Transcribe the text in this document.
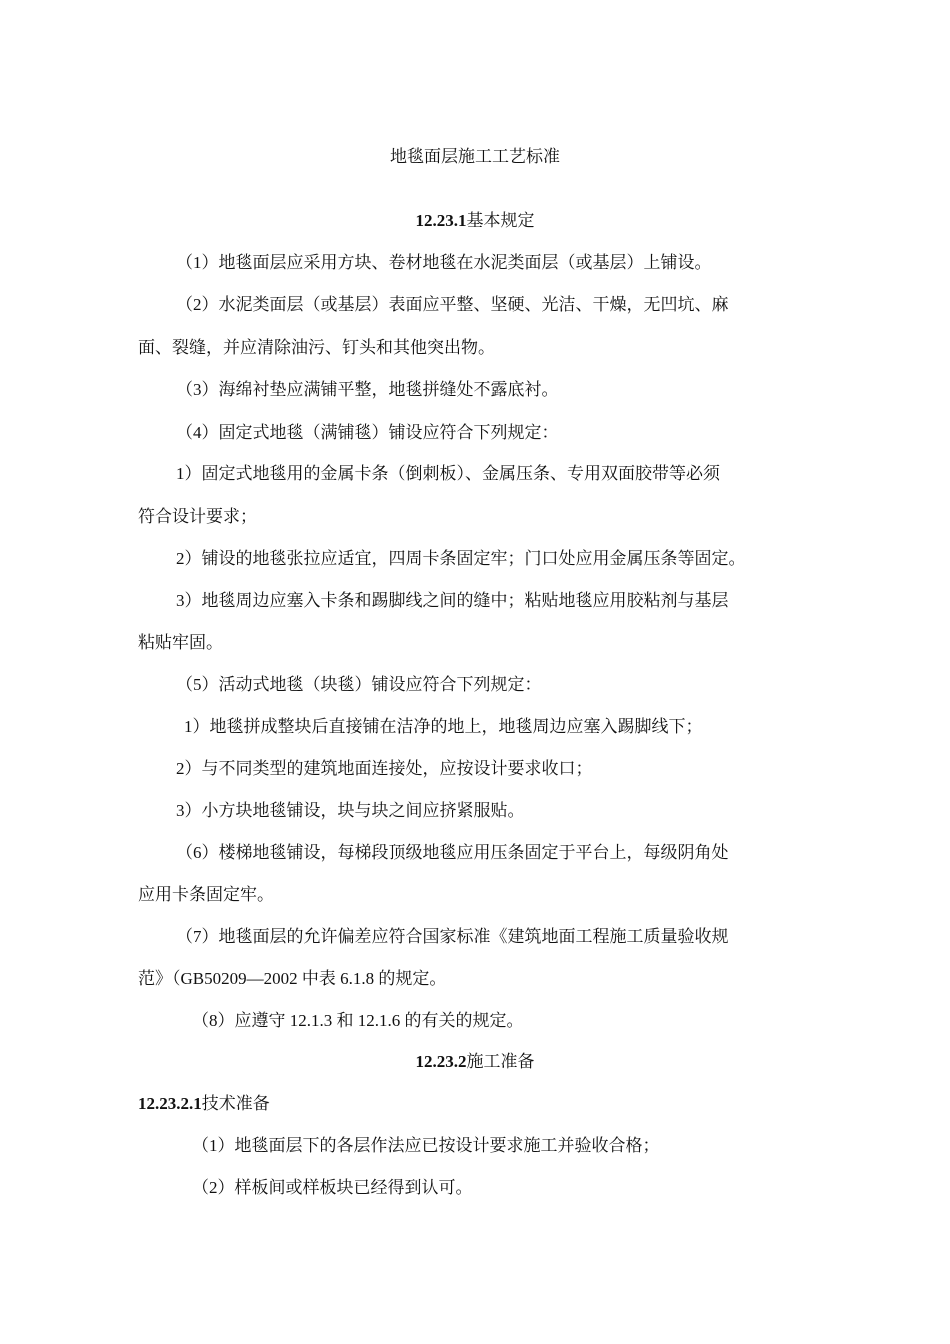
地毯面层施工工艺标准
12.23.1基本规定
（1）地毯面层应采用方块、卷材地毯在水泥类面层（或基层）上铺设。
（2）水泥类面层（或基层）表面应平整、坚硬、光洁、干燥，无凹坑、麻
面、裂缝，并应清除油污、钉头和其他突出物。
（3）海绵衬垫应满铺平整，地毯拼缝处不露底衬。
（4）固定式地毯（满铺毯）铺设应符合下列规定：
1）固定式地毯用的金属卡条（倒刺板）、金属压条、专用双面胶带等必须
符合设计要求；
2）铺设的地毯张拉应适宜，四周卡条固定牢；门口处应用金属压条等固定。
3）地毯周边应塞入卡条和踢脚线之间的缝中；粘贴地毯应用胶粘剂与基层
粘贴牢固。
（5）活动式地毯（块毯）铺设应符合下列规定：
1）地毯拼成整块后直接铺在洁净的地上，地毯周边应塞入踢脚线下；
2）与不同类型的建筑地面连接处，应按设计要求收口；
3）小方块地毯铺设，块与块之间应挤紧服贴。
（6）楼梯地毯铺设，每梯段顶级地毯应用压条固定于平台上，每级阴角处
应用卡条固定牢。
（7）地毯面层的允许偏差应符合国家标准《建筑地面工程施工质量验收规
范》（GB50209—2002 中表 6.1.8 的规定。
（8）应遵守 12.1.3 和 12.1.6 的有关的规定。
12.23.2施工准备
12.23.2.1技术准备
（1）地毯面层下的各层作法应已按设计要求施工并验收合格；
（2）样板间或样板块已经得到认可。
